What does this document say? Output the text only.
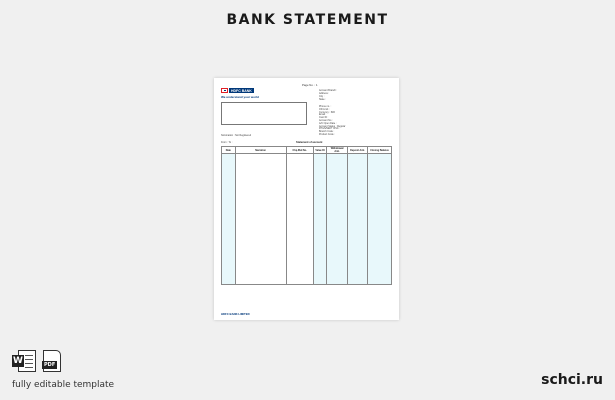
BANK STATEMENT
Page No .: 1
HDFC BANK
We understand your world
Account Branch :
Address :
City :
State :
Phone no. :
OD Limit :
Currency : INR
Email :
Cust ID :
Account No :
A/C Open Date :
Account Status : Regular
RTGS/NEFT IFSC :
Branch Code :
Product Code :
Nomination : Not Registered
From : To :	Statement of account
Date	Narration	Chq./Ref.No.	Value Dt	Withdrawal Amt.	Deposit Amt.	Closing Balance

HDFC BANK LIMITED
W	PDF
fully editable template	schci.ru
